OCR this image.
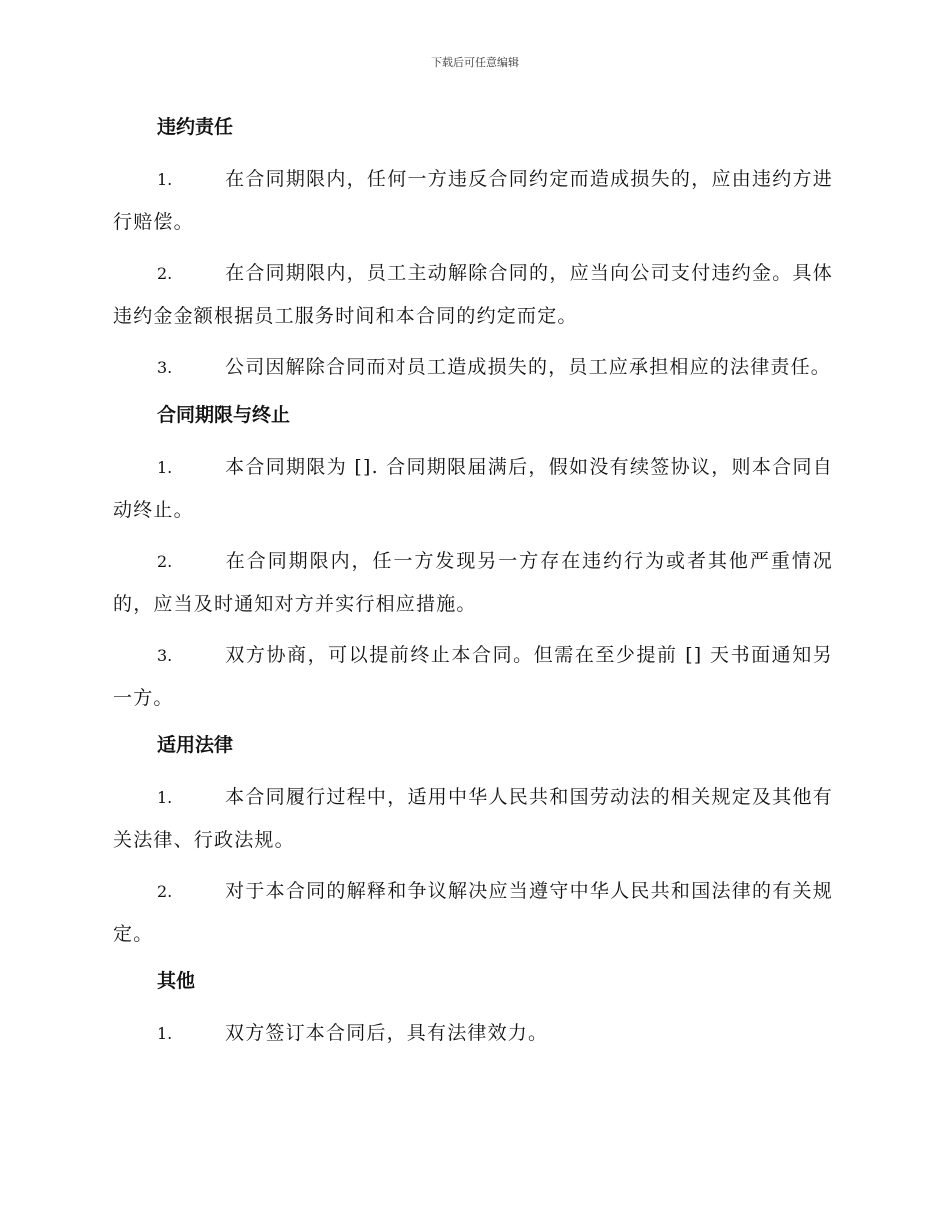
下载后可任意编辑
违约责任

1.	在合同期限内，任何一方违反合同约定而造成损失的，应由违约方进行赔偿。

2.	在合同期限内，员工主动解除合同的，应当向公司支付违约金。具体违约金金额根据员工服务时间和本合同的约定而定。

3.	公司因解除合同而对员工造成损失的，员工应承担相应的法律责任。

合同期限与终止

1.	本合同期限为 []. 合同期限届满后，假如没有续签协议，则本合同自动终止。

2.	在合同期限内，任一方发现另一方存在违约行为或者其他严重情况的，应当及时通知对方并实行相应措施。

3.	双方协商，可以提前终止本合同。但需在至少提前 [] 天书面通知另一方。

适用法律

1.	本合同履行过程中，适用中华人民共和国劳动法的相关规定及其他有关法律、行政法规。

2.	对于本合同的解释和争议解决应当遵守中华人民共和国法律的有关规定。

其他

1.	双方签订本合同后，具有法律效力。
